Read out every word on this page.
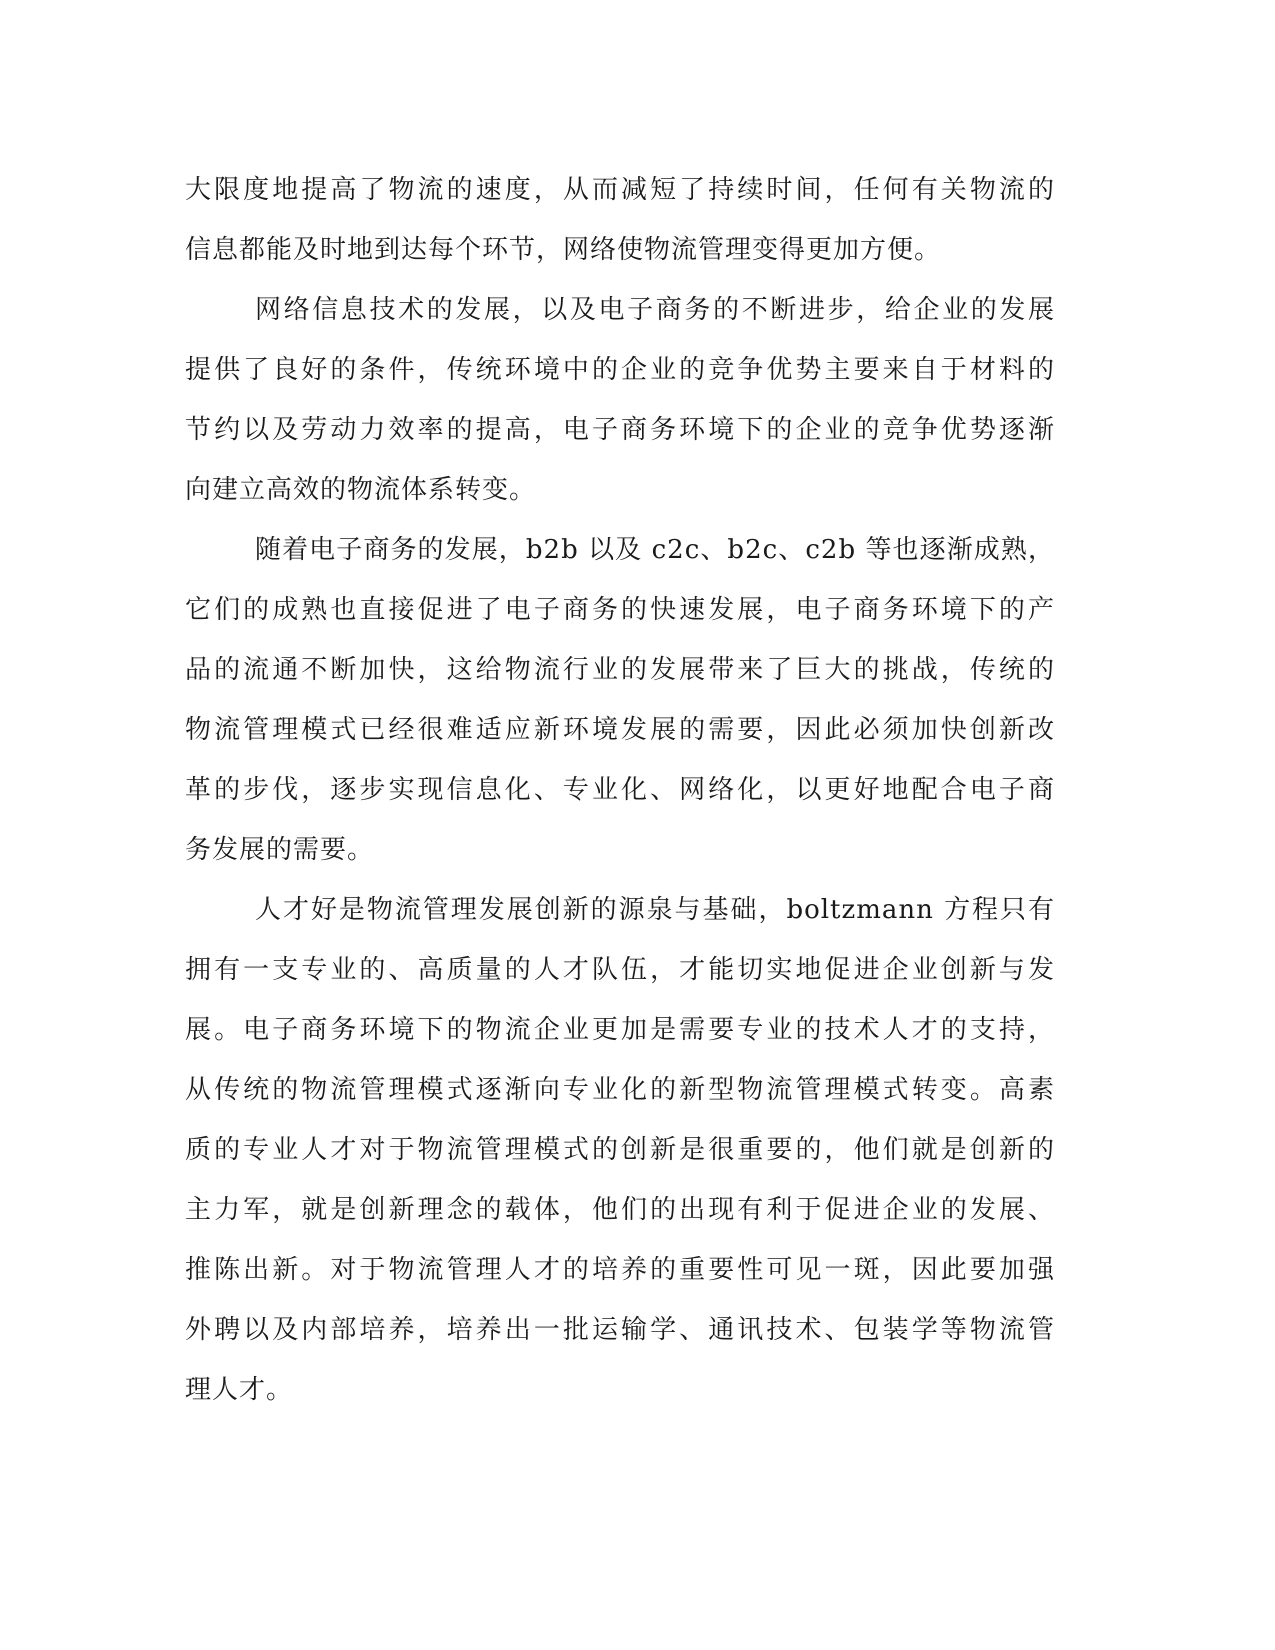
大限度地提高了物流的速度，从而减短了持续时间，任何有关物流的
信息都能及时地到达每个环节，网络使物流管理变得更加方便。
网络信息技术的发展，以及电子商务的不断进步，给企业的发展
提供了良好的条件，传统环境中的企业的竞争优势主要来自于材料的
节约以及劳动力效率的提高，电子商务环境下的企业的竞争优势逐渐
向建立高效的物流体系转变。
随着电子商务的发展，b2b 以及 c2c、b2c、c2b 等也逐渐成熟，
它们的成熟也直接促进了电子商务的快速发展，电子商务环境下的产
品的流通不断加快，这给物流行业的发展带来了巨大的挑战，传统的
物流管理模式已经很难适应新环境发展的需要，因此必须加快创新改
革的步伐，逐步实现信息化、专业化、网络化，以更好地配合电子商
务发展的需要。
人才好是物流管理发展创新的源泉与基础，boltzmann 方程只有
拥有一支专业的、高质量的人才队伍，才能切实地促进企业创新与发
展。电子商务环境下的物流企业更加是需要专业的技术人才的支持，
从传统的物流管理模式逐渐向专业化的新型物流管理模式转变。高素
质的专业人才对于物流管理模式的创新是很重要的，他们就是创新的
主力军，就是创新理念的载体，他们的出现有利于促进企业的发展、
推陈出新。对于物流管理人才的培养的重要性可见一斑，因此要加强
外聘以及内部培养，培养出一批运输学、通讯技术、包装学等物流管
理人才。
